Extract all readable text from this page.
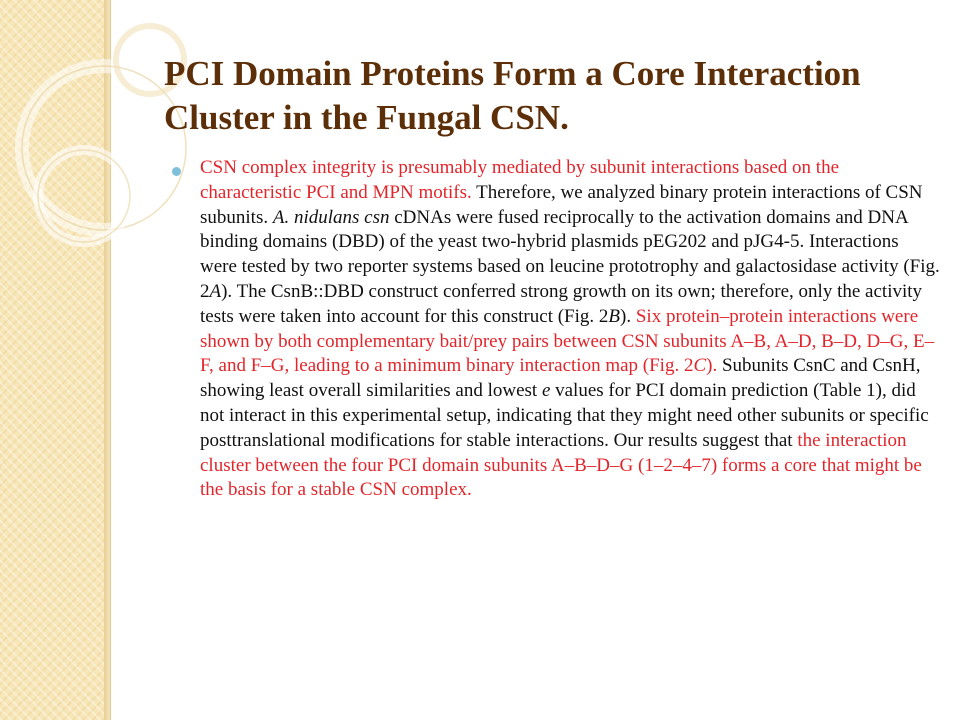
PCI Domain Proteins Form a Core Interaction Cluster in the Fungal CSN.

CSN complex integrity is presumably mediated by subunit interactions based on the characteristic PCI and MPN motifs. Therefore, we analyzed binary protein interactions of CSN subunits. A. nidulans csn cDNAs were fused reciprocally to the activation domains and DNA binding domains (DBD) of the yeast two-hybrid plasmids pEG202 and pJG4-5. Interactions were tested by two reporter systems based on leucine prototrophy and galactosidase activity (Fig. 2A). The CsnB::DBD construct conferred strong growth on its own; therefore, only the activity tests were taken into account for this construct (Fig. 2B). Six protein–protein interactions were shown by both complementary bait/prey pairs between CSN subunits A–B, A–D, B–D, D–G, E–F, and F–G, leading to a minimum binary interaction map (Fig. 2C). Subunits CsnC and CsnH, showing least overall similarities and lowest e values for PCI domain prediction (Table 1), did not interact in this experimental setup, indicating that they might need other subunits or specific posttranslational modifications for stable interactions. Our results suggest that the interaction cluster between the four PCI domain subunits A–B–D–G (1–2–4–7) forms a core that might be the basis for a stable CSN complex.
